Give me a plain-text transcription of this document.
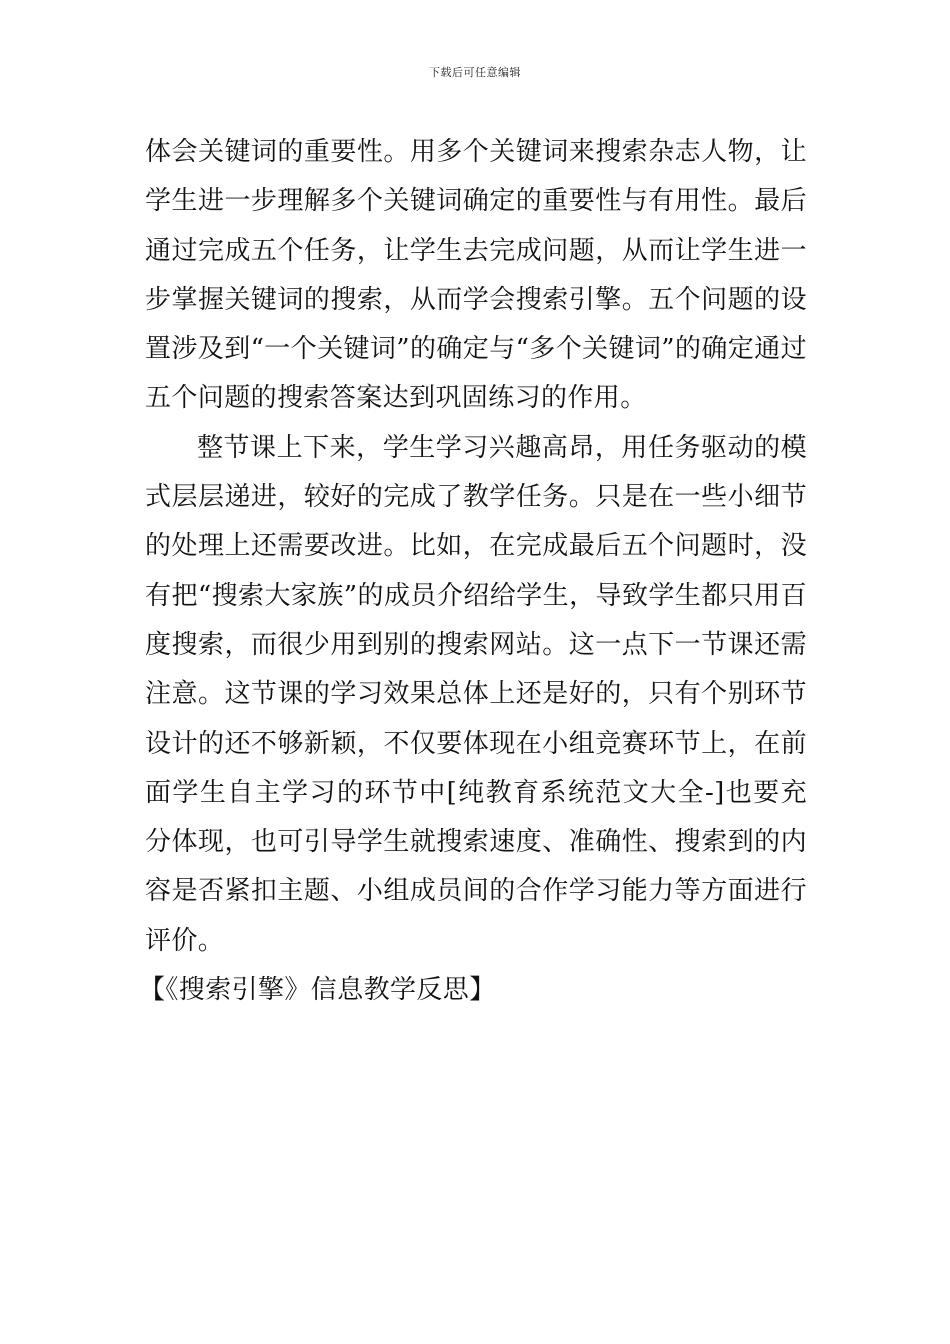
下载后可任意编辑

体会关键词的重要性。用多个关键词来搜索杂志人物，让学生进一步理解多个关键词确定的重要性与有用性。最后通过完成五个任务，让学生去完成问题，从而让学生进一步掌握关键词的搜索，从而学会搜索引擎。五个问题的设置涉及到“一个关键词”的确定与“多个关键词”的确定通过五个问题的搜索答案达到巩固练习的作用。

整节课上下来，学生学习兴趣高昂，用任务驱动的模式层层递进，较好的完成了教学任务。只是在一些小细节的处理上还需要改进。比如，在完成最后五个问题时，没有把“搜索大家族”的成员介绍给学生，导致学生都只用百度搜索，而很少用到别的搜索网站。这一点下一节课还需注意。这节课的学习效果总体上还是好的，只有个别环节设计的还不够新颖，不仅要体现在小组竞赛环节上，在前面学生自主学习的环节中[纯教育系统范文大全-]也要充分体现，也可引导学生就搜索速度、准确性、搜索到的内容是否紧扣主题、小组成员间的合作学习能力等方面进行评价。

【《搜索引擎》信息教学反思】
